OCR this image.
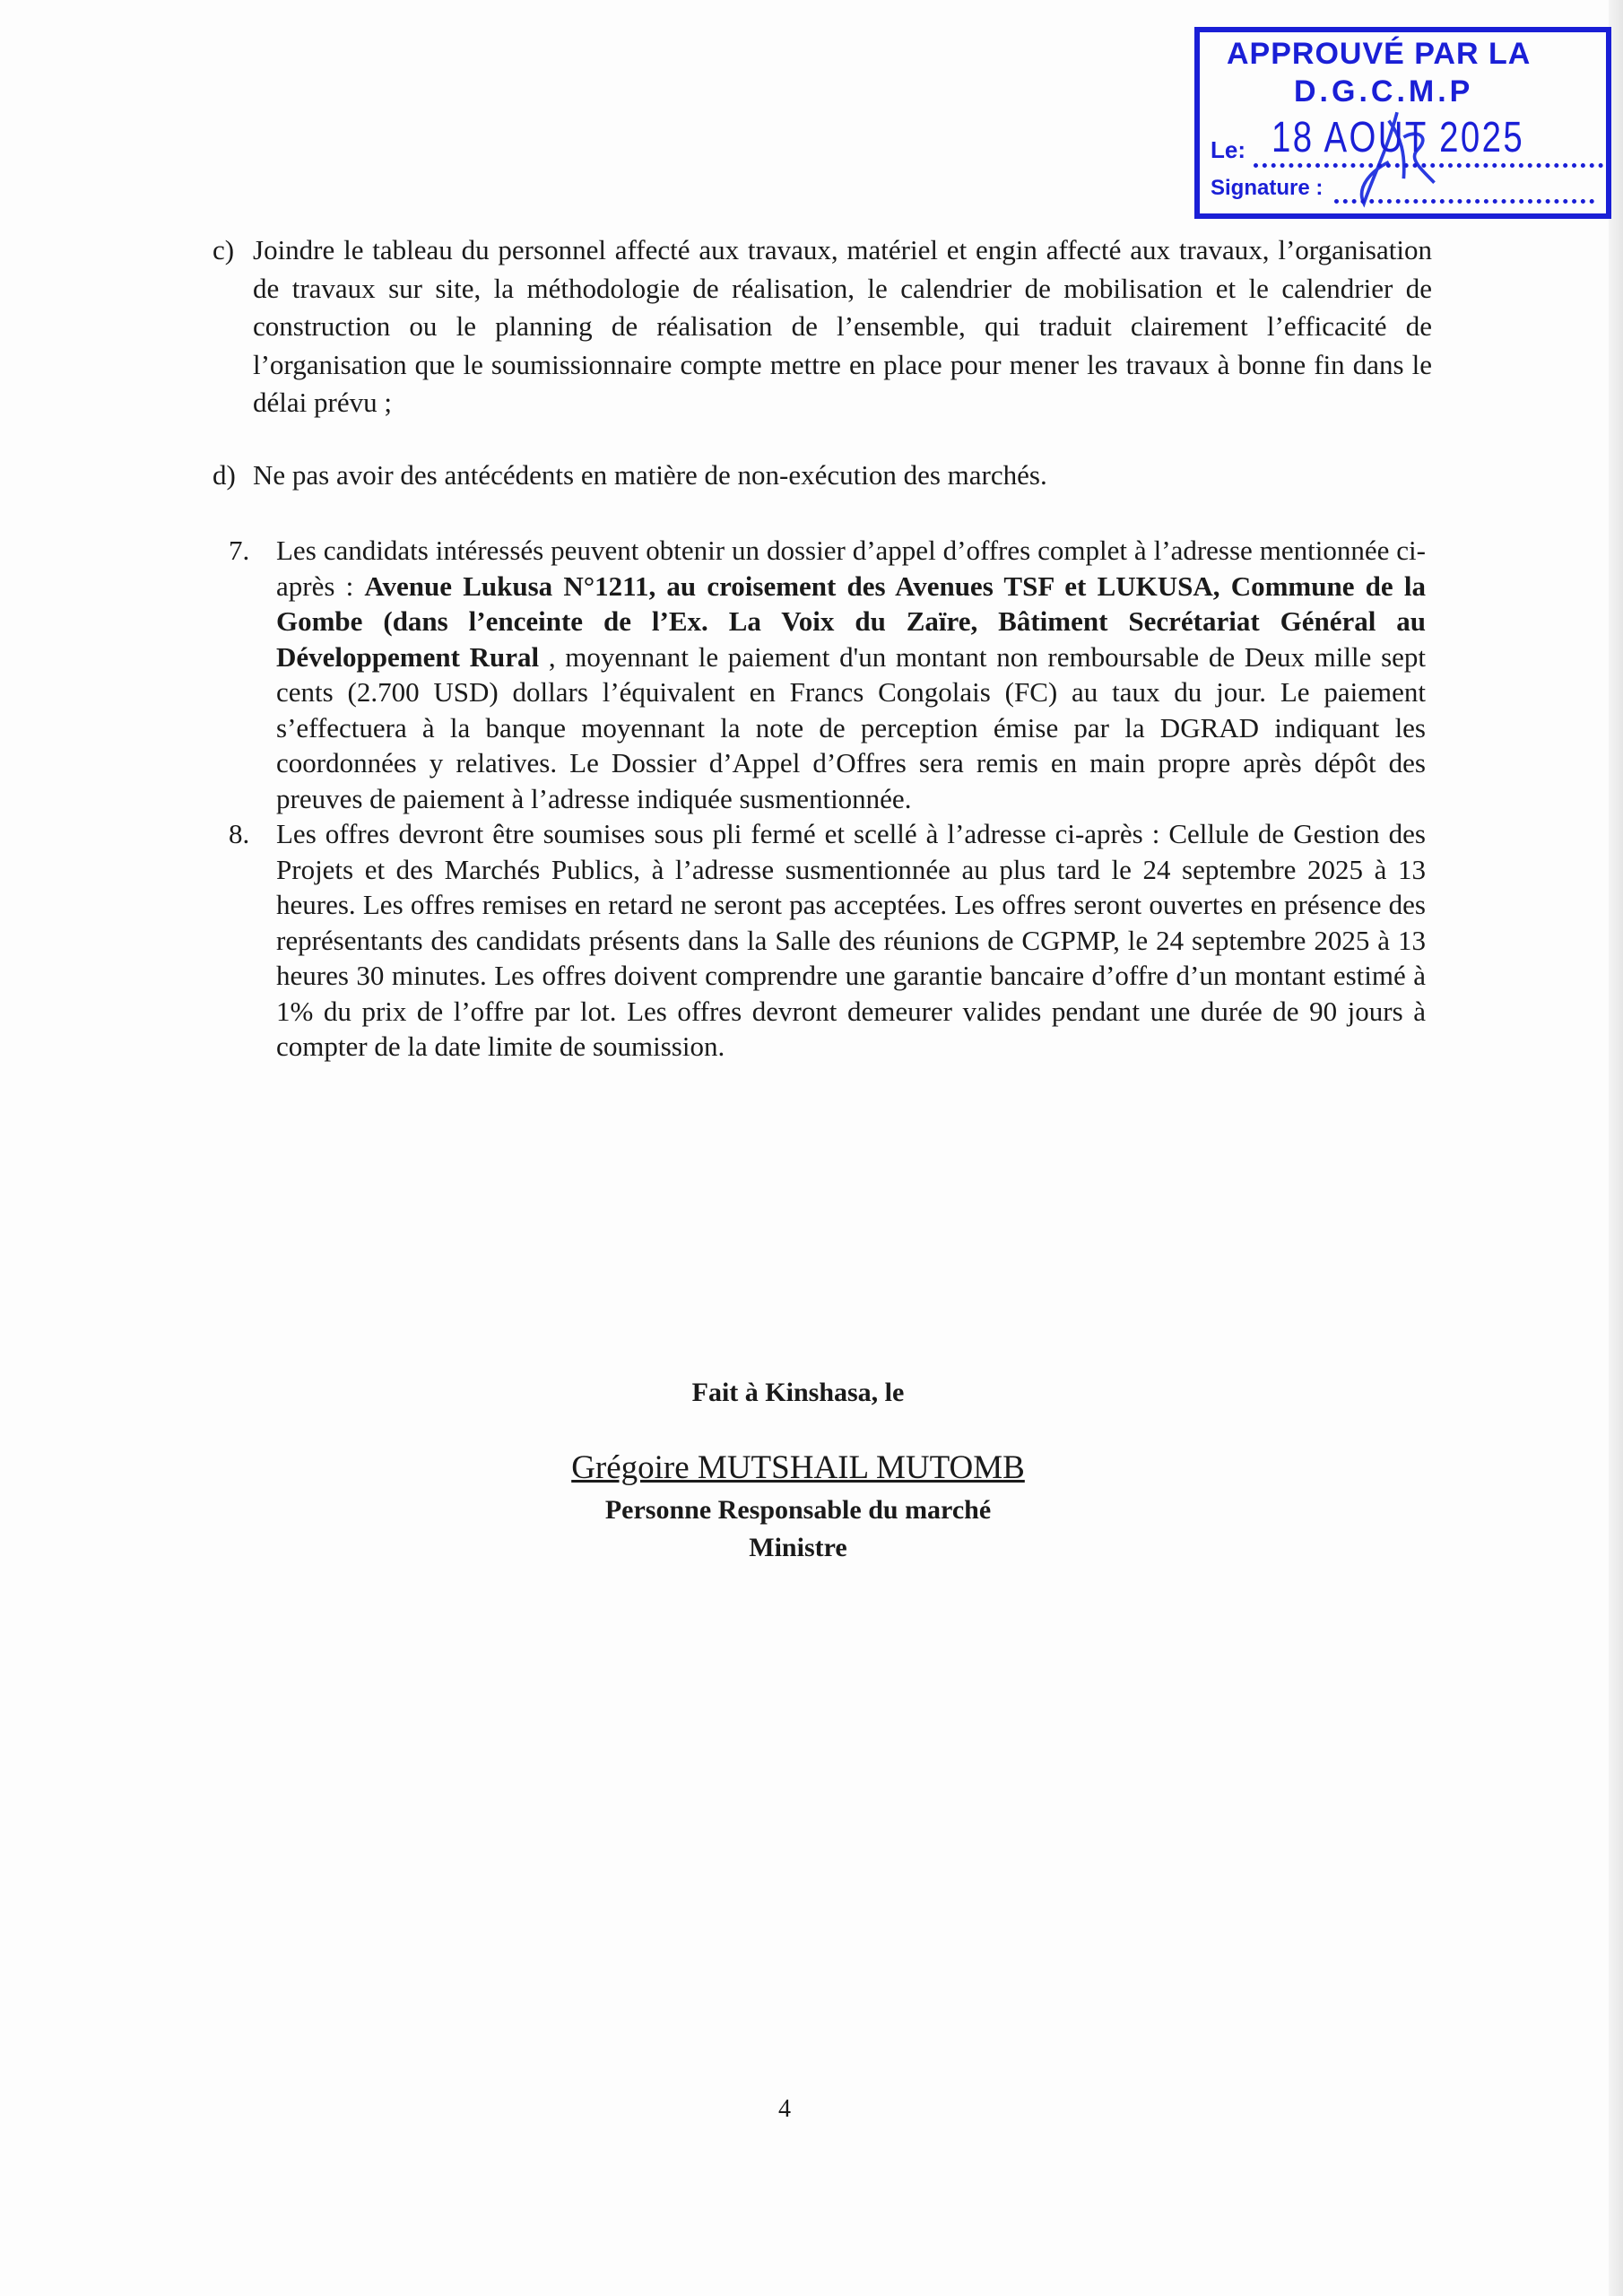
APPROUVÉ PAR LA
D.G.C.M.P
Le: 18 AOUT 2025
Signature :
c) Joindre le tableau du personnel affecté aux travaux, matériel et engin affecté aux travaux, l’organisation de travaux sur site, la méthodologie de réalisation, le calendrier de mobilisation et le calendrier de construction ou le planning de réalisation de l’ensemble, qui traduit clairement l’efficacité de l’organisation que le soumissionnaire compte mettre en place pour mener les travaux à bonne fin dans le délai prévu ;
d) Ne pas avoir des antécédents en matière de non-exécution des marchés.
7. Les candidats intéressés peuvent obtenir un dossier d’appel d’offres complet à l’adresse mentionnée ci-après : Avenue Lukusa N°1211, au croisement des Avenues TSF et LUKUSA, Commune de la Gombe (dans l’enceinte de l’Ex. La Voix du Zaïre, Bâtiment Secrétariat Général au Développement Rural , moyennant le paiement d'un montant non remboursable de Deux mille sept cents (2.700 USD) dollars l’équivalent en Francs Congolais (FC) au taux du jour. Le paiement s’effectuera à la banque moyennant la note de perception émise par la DGRAD indiquant les coordonnées y relatives. Le Dossier d’Appel d’Offres sera remis en main propre après dépôt des preuves de paiement à l’adresse indiquée susmentionnée.
8. Les offres devront être soumises sous pli fermé et scellé à l’adresse ci-après : Cellule de Gestion des Projets et des Marchés Publics, à l’adresse susmentionnée au plus tard le 24 septembre 2025 à 13 heures. Les offres remises en retard ne seront pas acceptées. Les offres seront ouvertes en présence des représentants des candidats présents dans la Salle des réunions de CGPMP, le 24 septembre 2025 à 13 heures 30 minutes. Les offres doivent comprendre une garantie bancaire d’offre d’un montant estimé à 1% du prix de l’offre par lot. Les offres devront demeurer valides pendant une durée de 90 jours à compter de la date limite de soumission.
Fait à Kinshasa, le
Grégoire MUTSHAIL MUTOMB
Personne Responsable du marché
Ministre
4
